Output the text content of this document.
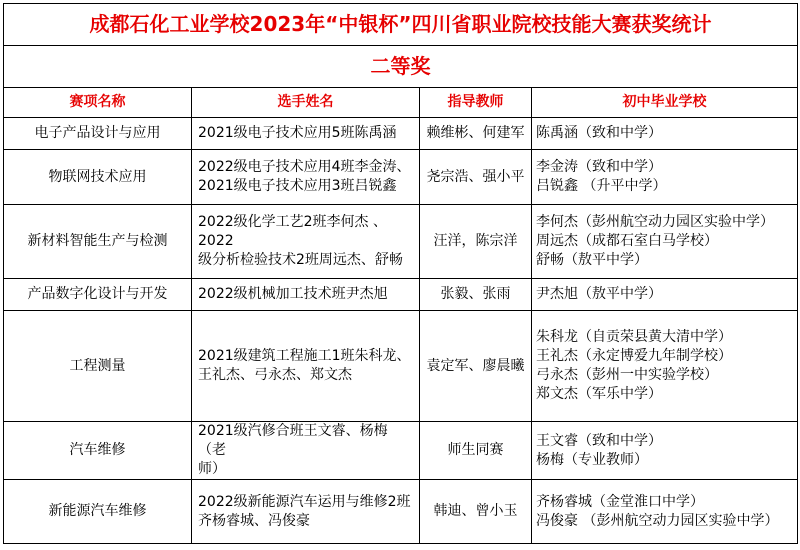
成都石化工业学校2023年“中银杯”四川省职业院校技能大赛获奖统计			
二等奖			
赛项名称	选手姓名	指导教师	初中毕业学校
电子产品设计与应用	2021级电子技术应用5班陈禹涵	赖维彬、何建军	陈禹涵（致和中学）

物联网技术应用	2022级电子技术应用4班李金涛、
2021级电子技术应用3班吕锐鑫	尧宗浩、强小平	李金涛（致和中学）
吕锐鑫 （升平中学）

新材料智能生产与检测	2022级化学工艺2班李何杰 、2022
级分析检验技术2班周远杰、舒畅	汪洋，陈宗洋	李何杰（彭州航空动力园区实验中学）
周远杰（成都石室白马学校）
舒畅（敖平中学）

产品数字化设计与开发	2022级机械加工技术班尹杰旭	张毅、张雨	尹杰旭（敖平中学）

工程测量	2021级建筑工程施工1班朱科龙、
王礼杰、弓永杰、郑文杰	袁定军、廖晨曦	朱科龙（自贡荣县黄大清中学）
王礼杰（永定博爱九年制学校）
弓永杰（彭州一中实验学校）
郑文杰（军乐中学）

汽车维修	2021级汽修合班王文睿、杨梅（老
师）	师生同赛	王文睿（致和中学）
杨梅（专业教师）

新能源汽车维修	2022级新能源汽车运用与维修2班
齐杨睿城、冯俊豪	韩迪、曾小玉	齐杨睿城（金堂淮口中学）
冯俊豪 （彭州航空动力园区实验中学）
